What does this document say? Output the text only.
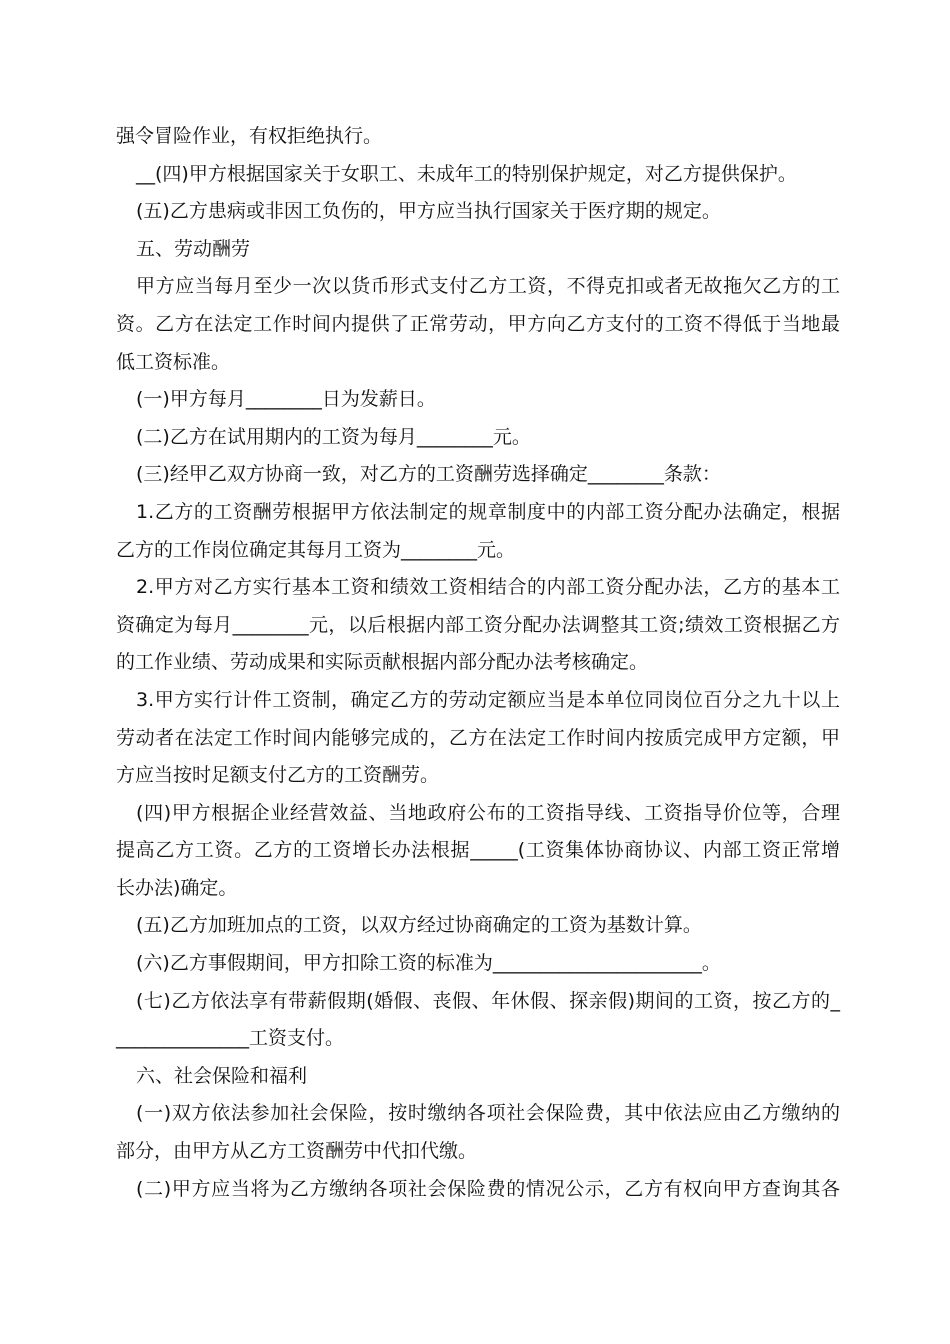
强令冒险作业，有权拒绝执行。
__(四)甲方根据国家关于女职工、未成年工的特别保护规定，对乙方提供保护。
(五)乙方患病或非因工负伤的，甲方应当执行国家关于医疗期的规定。
五、劳动酬劳
甲方应当每月至少一次以货币形式支付乙方工资，不得克扣或者无故拖欠乙方的工
资。乙方在法定工作时间内提供了正常劳动，甲方向乙方支付的工资不得低于当地最
低工资标准。
(一)甲方每月________日为发薪日。
(二)乙方在试用期内的工资为每月________元。
(三)经甲乙双方协商一致，对乙方的工资酬劳选择确定________条款：
1.乙方的工资酬劳根据甲方依法制定的规章制度中的内部工资分配办法确定，根据
乙方的工作岗位确定其每月工资为________元。
2.甲方对乙方实行基本工资和绩效工资相结合的内部工资分配办法，乙方的基本工
资确定为每月________元，以后根据内部工资分配办法调整其工资;绩效工资根据乙方
的工作业绩、劳动成果和实际贡献根据内部分配办法考核确定。
3.甲方实行计件工资制，确定乙方的劳动定额应当是本单位同岗位百分之九十以上
劳动者在法定工作时间内能够完成的，乙方在法定工作时间内按质完成甲方定额，甲
方应当按时足额支付乙方的工资酬劳。
(四)甲方根据企业经营效益、当地政府公布的工资指导线、工资指导价位等，合理
提高乙方工资。乙方的工资增长办法根据_____(工资集体协商协议、内部工资正常增
长办法)确定。
(五)乙方加班加点的工资，以双方经过协商确定的工资为基数计算。
(六)乙方事假期间，甲方扣除工资的标准为______________________。
(七)乙方依法享有带薪假期(婚假、丧假、年休假、探亲假)期间的工资，按乙方的_
______________工资支付。
六、社会保险和福利
(一)双方依法参加社会保险，按时缴纳各项社会保险费，其中依法应由乙方缴纳的
部分，由甲方从乙方工资酬劳中代扣代缴。
(二)甲方应当将为乙方缴纳各项社会保险费的情况公示，乙方有权向甲方查询其各
